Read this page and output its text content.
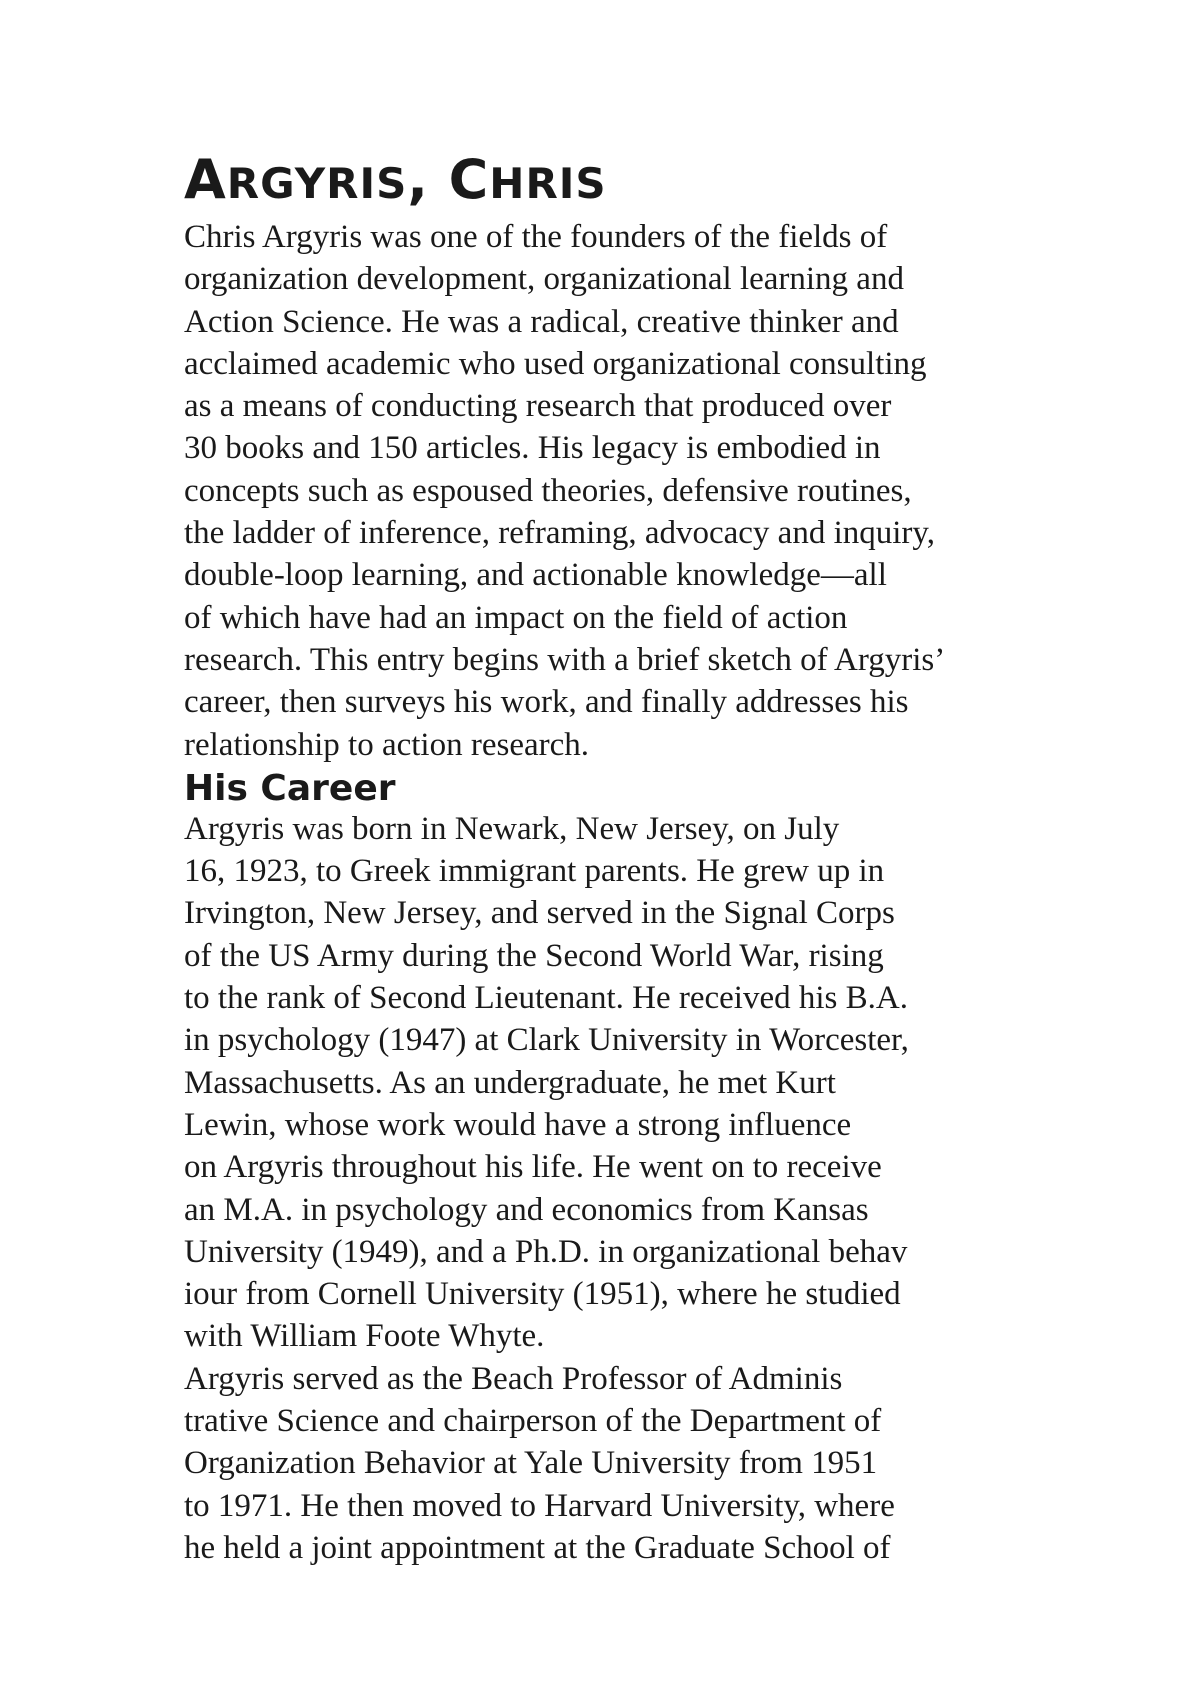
ARGYRIS, CHRIS

Chris Argyris was one of the founders of the fields of
organization development, organizational learning and
Action Science. He was a radical, creative thinker and
acclaimed academic who used organizational consulting
as a means of conducting research that produced over
30 books and 150 articles. His legacy is embodied in
concepts such as espoused theories, defensive routines,
the ladder of inference, reframing, advocacy and inquiry,
double-loop learning, and actionable knowledge—all
of which have had an impact on the field of action
research. This entry begins with a brief sketch of Argyris’
career, then surveys his work, and finally addresses his
relationship to action research.

His Career

Argyris was born in Newark, New Jersey, on July
16, 1923, to Greek immigrant parents. He grew up in
Irvington, New Jersey, and served in the Signal Corps
of the US Army during the Second World War, rising
to the rank of Second Lieutenant. He received his B.A.
in psychology (1947) at Clark University in Worcester,
Massachusetts. As an undergraduate, he met Kurt
Lewin, whose work would have a strong influence
on Argyris throughout his life. He went on to receive
an M.A. in psychology and economics from Kansas
University (1949), and a Ph.D. in organizational behav
iour from Cornell University (1951), where he studied
with William Foote Whyte.

Argyris served as the Beach Professor of Adminis
trative Science and chairperson of the Department of
Organization Behavior at Yale University from 1951
to 1971. He then moved to Harvard University, where
he held a joint appointment at the Graduate School of
